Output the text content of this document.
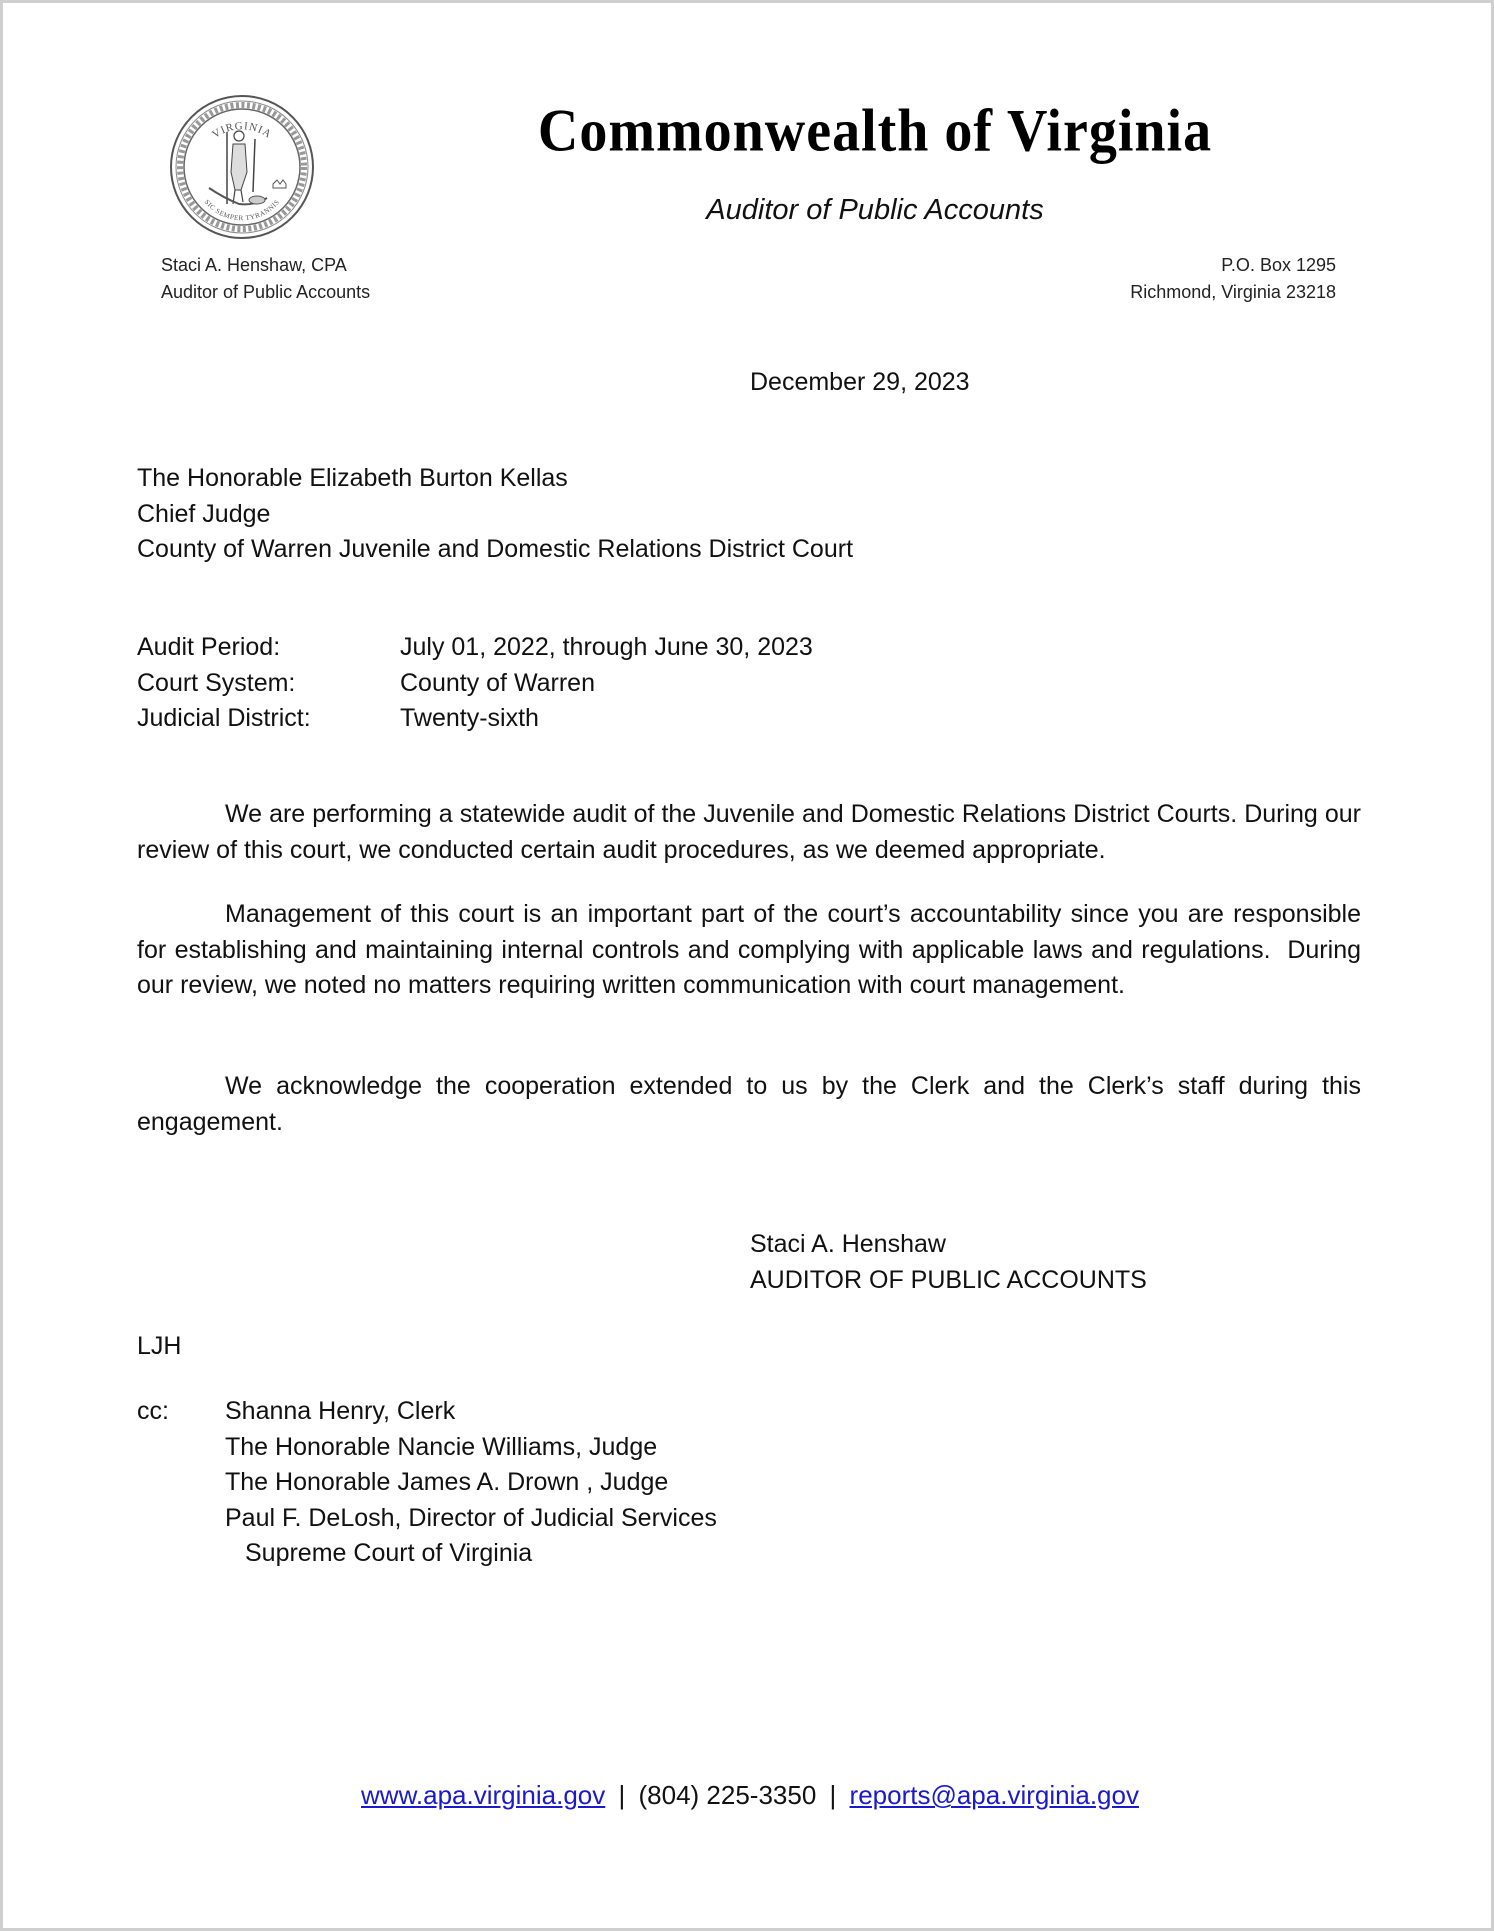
VIRGINIA
SIC SEMPER TYRANNIS
Commonwealth of Virginia
Auditor of Public Accounts
Staci A. Henshaw, CPA
Auditor of Public Accounts
P.O. Box 1295
Richmond, Virginia 23218
December 29, 2023
The Honorable Elizabeth Burton Kellas
Chief Judge
County of Warren Juvenile and Domestic Relations District Court
Audit Period:	July 01, 2022, through June 30, 2023
Court System:	County of Warren
Judicial District:	Twenty-sixth

We are performing a statewide audit of the Juvenile and Domestic Relations District Courts. During our review of this court, we conducted certain audit procedures, as we deemed appropriate.

Management of this court is an important part of the court’s accountability since you are responsible for establishing and maintaining internal controls and complying with applicable laws and regulations.  During our review, we noted no matters requiring written communication with court management.

We acknowledge the cooperation extended to us by the Clerk and the Clerk’s staff during this engagement.

Staci A. Henshaw
AUDITOR OF PUBLIC ACCOUNTS
LJH
cc: Shanna Henry, Clerk
The Honorable Nancie Williams, Judge
The Honorable James A. Drown , Judge
Paul F. DeLosh, Director of Judicial Services
Supreme Court of Virginia
www.apa.virginia.gov | (804) 225-3350 | reports@apa.virginia.gov
